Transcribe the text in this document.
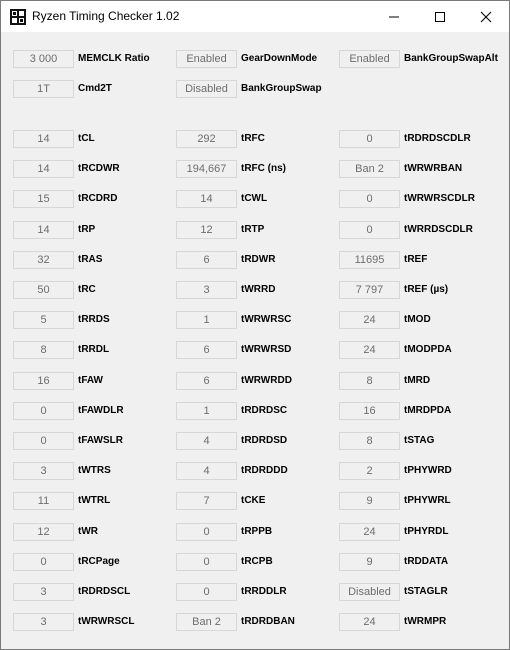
Ryzen Timing Checker 1.02
3 000	MEMCLK Ratio	Enabled	GearDownMode	Enabled	BankGroupSwapAlt
1T	Cmd2T	Disabled	BankGroupSwap
14	tCL	292	tRFC	0	tRDRDSCDLR
14	tRCDWR	194,667	tRFC (ns)	Ban 2	tWRWRBAN
15	tRCDRD	14	tCWL	0	tWRWRSCDLR
14	tRP	12	tRTP	0	tWRRDSCDLR
32	tRAS	6	tRDWR	11695	tREF
50	tRC	3	tWRRD	7 797	tREF (µs)
5	tRRDS	1	tWRWRSC	24	tMOD
8	tRRDL	6	tWRWRSD	24	tMODPDA
16	tFAW	6	tWRWRDD	8	tMRD
0	tFAWDLR	1	tRDRDSC	16	tMRDPDA
0	tFAWSLR	4	tRDRDSD	8	tSTAG
3	tWTRS	4	tRDRDDD	2	tPHYWRD
11	tWTRL	7	tCKE	9	tPHYWRL
12	tWR	0	tRPPB	24	tPHYRDL
0	tRCPage	0	tRCPB	9	tRDDATA
3	tRDRDSCL	0	tRRDDLR	Disabled	tSTAGLR
3	tWRWRSCL	Ban 2	tRDRDBAN	24	tWRMPR
